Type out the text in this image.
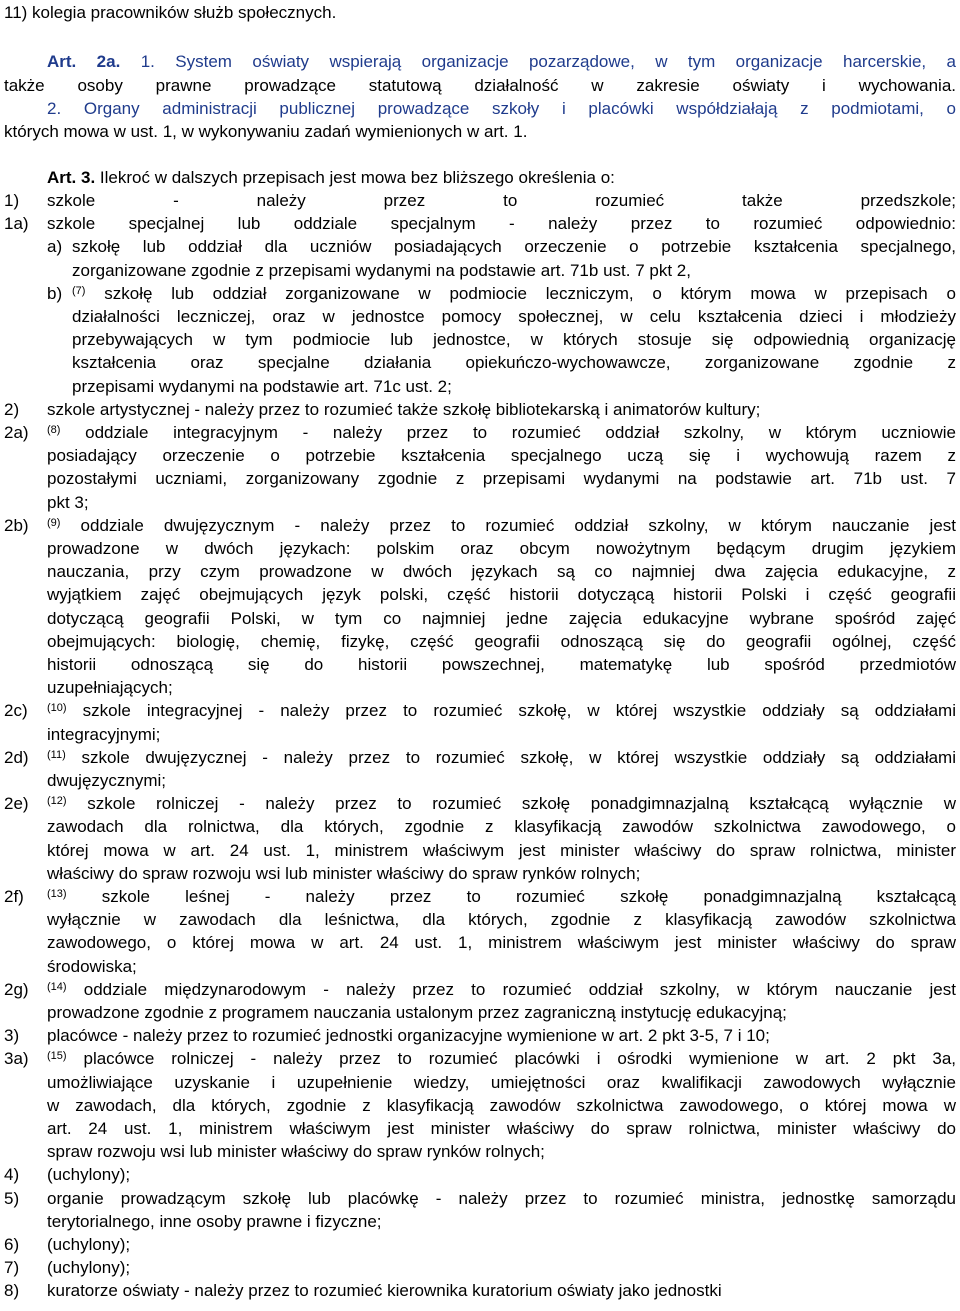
11) kolegia pracowników służb społecznych.
Art. 2a. 1. System oświaty wspierają organizacje pozarządowe, w tym organizacje harcerskie, a
także osoby prawne prowadzące statutową działalność w zakresie oświaty i wychowania.
2. Organy administracji publicznej prowadzące szkoły i placówki współdziałają z podmiotami, o
których mowa w ust. 1, w wykonywaniu zadań wymienionych w art. 1.
Art. 3. Ilekroć w dalszych przepisach jest mowa bez bliższego określenia o:
1) szkole - należy przez to rozumieć także przedszkole;
1a) szkole specjalnej lub oddziale specjalnym - należy przez to rozumieć odpowiednio:
a) szkołę lub oddział dla uczniów posiadających orzeczenie o potrzebie kształcenia specjalnego,
zorganizowane zgodnie z przepisami wydanymi na podstawie art. 71b ust. 7 pkt 2,
b) $^{(7)}$ szkołę lub oddział zorganizowane w podmiocie leczniczym, o którym mowa w przepisach o
działalności leczniczej, oraz w jednostce pomocy społecznej, w celu kształcenia dzieci i młodzieży
przebywających w tym podmiocie lub jednostce, w których stosuje się odpowiednią organizację
kształcenia oraz specjalne działania opiekuńczo-wychowawcze, zorganizowane zgodnie z
przepisami wydanymi na podstawie art. 71c ust. 2;
2) szkole artystycznej - należy przez to rozumieć także szkołę bibliotekarską i animatorów kultury;
2a) $^{(8)}$ oddziale integracyjnym - należy przez to rozumieć oddział szkolny, w którym uczniowie
posiadający orzeczenie o potrzebie kształcenia specjalnego uczą się i wychowują razem z
pozostałymi uczniami, zorganizowany zgodnie z przepisami wydanymi na podstawie art. 71b ust. 7
pkt 3;
2b) $^{(9)}$ oddziale dwujęzycznym - należy przez to rozumieć oddział szkolny, w którym nauczanie jest
prowadzone w dwóch językach: polskim oraz obcym nowożytnym będącym drugim językiem
nauczania, przy czym prowadzone w dwóch językach są co najmniej dwa zajęcia edukacyjne, z
wyjątkiem zajęć obejmujących język polski, część historii dotyczącą historii Polski i część geografii
dotyczącą geografii Polski, w tym co najmniej jedne zajęcia edukacyjne wybrane spośród zajęć
obejmujących: biologię, chemię, fizykę, część geografii odnoszącą się do geografii ogólnej, część
historii odnoszącą się do historii powszechnej, matematykę lub spośród przedmiotów
uzupełniających;
2c) $^{(10)}$ szkole integracyjnej - należy przez to rozumieć szkołę, w której wszystkie oddziały są oddziałami
integracyjnymi;
2d) $^{(11)}$ szkole dwujęzycznej - należy przez to rozumieć szkołę, w której wszystkie oddziały są oddziałami
dwujęzycznymi;
2e) $^{(12)}$ szkole rolniczej - należy przez to rozumieć szkołę ponadgimnazjalną kształcącą wyłącznie w
zawodach dla rolnictwa, dla których, zgodnie z klasyfikacją zawodów szkolnictwa zawodowego, o
której mowa w art. 24 ust. 1, ministrem właściwym jest minister właściwy do spraw rolnictwa, minister
właściwy do spraw rozwoju wsi lub minister właściwy do spraw rynków rolnych;
2f) $^{(13)}$ szkole leśnej - należy przez to rozumieć szkołę ponadgimnazjalną kształcącą
wyłącznie w zawodach dla leśnictwa, dla których, zgodnie z klasyfikacją zawodów szkolnictwa
zawodowego, o której mowa w art. 24 ust. 1, ministrem właściwym jest minister właściwy do spraw
środowiska;
2g) $^{(14)}$ oddziale międzynarodowym - należy przez to rozumieć oddział szkolny, w którym nauczanie jest
prowadzone zgodnie z programem nauczania ustalonym przez zagraniczną instytucję edukacyjną;
3) placówce - należy przez to rozumieć jednostki organizacyjne wymienione w art. 2 pkt 3-5, 7 i 10;
3a) $^{(15)}$ placówce rolniczej - należy przez to rozumieć placówki i ośrodki wymienione w art. 2 pkt 3a,
umożliwiające uzyskanie i uzupełnienie wiedzy, umiejętności oraz kwalifikacji zawodowych wyłącznie
w zawodach, dla których, zgodnie z klasyfikacją zawodów szkolnictwa zawodowego, o której mowa w
art. 24 ust. 1, ministrem właściwym jest minister właściwy do spraw rolnictwa, minister właściwy do
spraw rozwoju wsi lub minister właściwy do spraw rynków rolnych;
4) (uchylony);
5) organie prowadzącym szkołę lub placówkę - należy przez to rozumieć ministra, jednostkę samorządu
terytorialnego, inne osoby prawne i fizyczne;
6) (uchylony);
7) (uchylony);
8) kuratorze oświaty - należy przez to rozumieć kierownika kuratorium oświaty jako jednostki
